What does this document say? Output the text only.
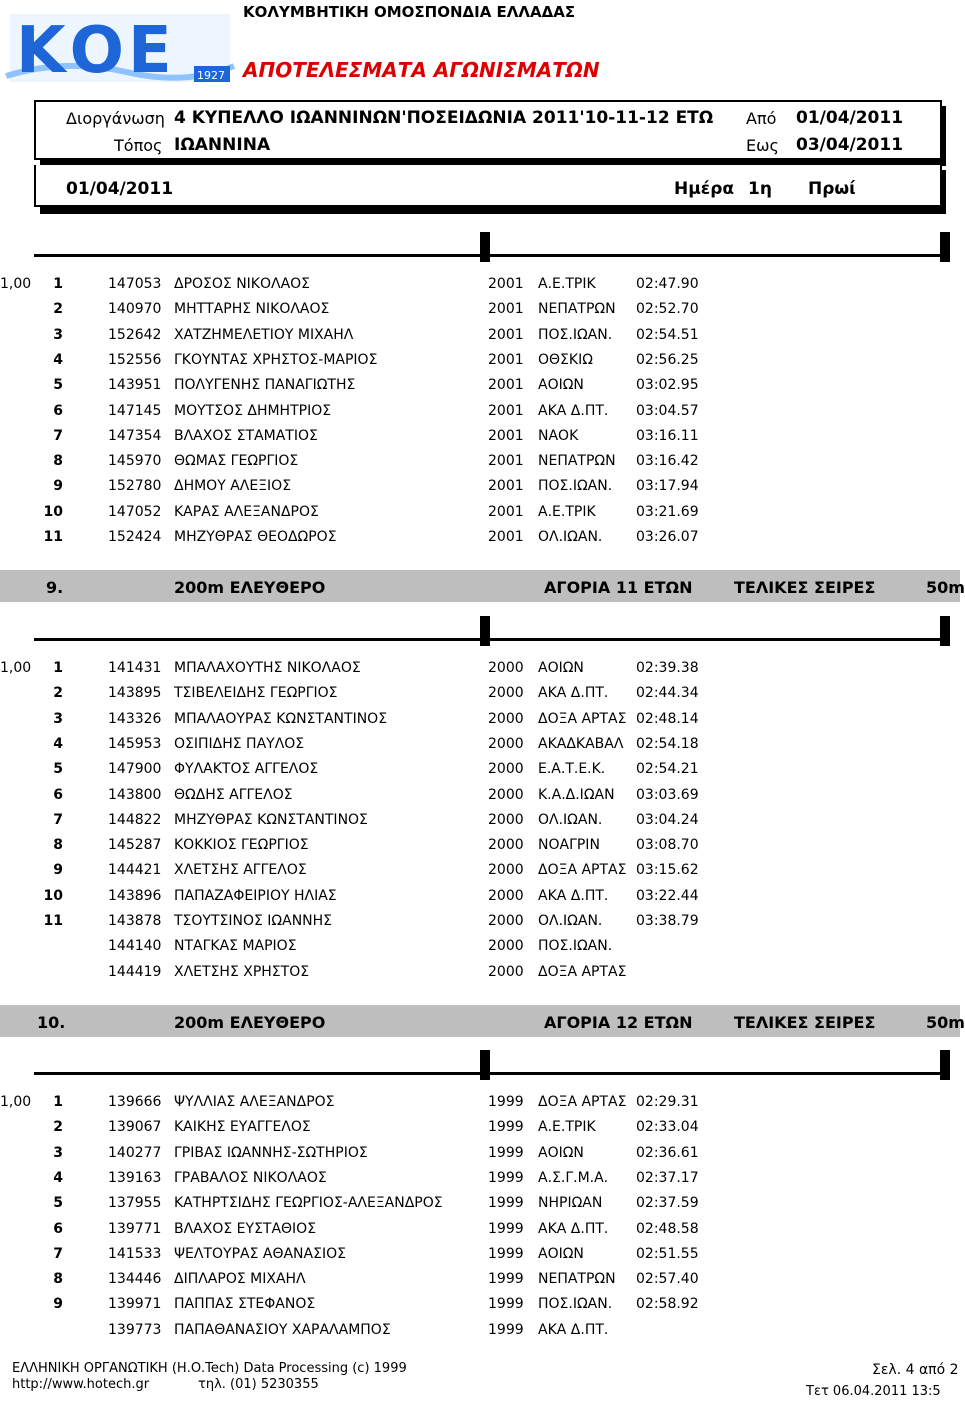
ΚΟΕ 1927
ΚΟΛΥΜΒΗΤΙΚΗ ΟΜΟΣΠΟΝΔΙΑ ΕΛΛΑΔΑΣ
ΑΠΟΤΕΛΕΣΜΑΤΑ ΑΓΩΝΙΣΜΑΤΩΝ
Διοργάνωση 4 ΚΥΠΕΛΛΟ ΙΩΑΝΝΙΝΩΝ'ΠΟΣΕΙΔΩΝΙΑ 2011'10-11-12 ΕΤΩ Από 01/04/2011
Τόπος ΙΩΑΝΝΙΝΑ	Εως 03/04/2011
01/04/2011	Ημέρα 1η Πρωί
1	147053 ΔΡΟΣΟΣ ΝΙΚΟΛΑΟΣ	2001 Α.Ε.ΤΡΙΚ	02:47.90
1,00
2	140970 ΜΗΤΤΑΡΗΣ ΝΙΚΟΛΑΟΣ	2001 ΝΕΠΑΤΡΩΝ 02:52.70
3	152642 ΧΑΤΖΗΜΕΛΕΤΙΟΥ ΜΙΧΑΗΛ	2001 ΠΟΣ.ΙΩΑΝ. 02:54.51
4	152556 ΓΚΟΥΝΤΑΣ ΧΡΗΣΤΟΣ-ΜΑΡΙΟΣ	2001 ΟΘΣΚΙΩ	02:56.25
5	143951 ΠΟΛΥΓΕΝΗΣ ΠΑΝΑΓΙΩΤΗΣ	2001 ΑΟΙΩΝ	03:02.95
6	147145 ΜΟΥΤΣΟΣ ΔΗΜΗΤΡΙΟΣ	2001 ΑΚΑ Δ.ΠΤ. 03:04.57
7	147354 ΒΛΑΧΟΣ ΣΤΑΜΑΤΙΟΣ	2001 ΝΑΟΚ	03:16.11
8	145970 ΘΩΜΑΣ ΓΕΩΡΓΙΟΣ	2001 ΝΕΠΑΤΡΩΝ 03:16.42
9	152780 ΔΗΜΟΥ ΑΛΕΞΙΟΣ	2001 ΠΟΣ.ΙΩΑΝ. 03:17.94
10	147052 ΚΑΡΑΣ ΑΛΕΞΑΝΔΡΟΣ	2001 Α.Ε.ΤΡΙΚ	03:21.69
11	152424 ΜΗΖΥΘΡΑΣ ΘΕΟΔΩΡΟΣ	2001 ΟΛ.ΙΩΑΝ. 03:26.07
9.	200m ΕΛΕΥΘΕΡΟ	ΑΓΟΡΙΑ 11 ΕΤΩΝ	ΤΕΛΙΚΕΣ ΣΕΙΡΕΣ	50m
1	141431 ΜΠΑΛΑΧΟΥΤΗΣ ΝΙΚΟΛΑΟΣ	2000 ΑΟΙΩΝ	02:39.38
1,00
2	143895 ΤΣΙΒΕΛΕΙΔΗΣ ΓΕΩΡΓΙΟΣ	2000 ΑΚΑ Δ.ΠΤ. 02:44.34
3	143326 ΜΠΑΛΑΟΥΡΑΣ ΚΩΝΣΤΑΝΤΙΝΟΣ	2000 ΔΟΞΑ ΑΡΤΑΣ 02:48.14
4	145953 ΟΣΙΠΙΔΗΣ ΠΑΥΛΟΣ	2000 ΑΚΑΔΚΑΒΑΛ 02:54.18
5	147900 ΦΥΛΑΚΤΟΣ ΑΓΓΕΛΟΣ	2000 Ε.Α.Τ.Ε.Κ. 02:54.21
6	143800 ΘΩΔΗΣ ΑΓΓΕΛΟΣ	2000 Κ.Α.Δ.ΙΩΑΝ 03:03.69
7	144822 ΜΗΖΥΘΡΑΣ ΚΩΝΣΤΑΝΤΙΝΟΣ	2000 ΟΛ.ΙΩΑΝ. 03:04.24
8	145287 ΚΟΚΚΙΟΣ ΓΕΩΡΓΙΟΣ	2000 ΝΟΑΓΡΙΝ	03:08.70
9	144421 ΧΛΕΤΣΗΣ ΑΓΓΕΛΟΣ	2000 ΔΟΞΑ ΑΡΤΑΣ 03:15.62
10	143896 ΠΑΠΑΖΑΦΕΙΡΙΟΥ ΗΛΙΑΣ	2000 ΑΚΑ Δ.ΠΤ. 03:22.44
11	143878 ΤΣΟΥΤΣΙΝΟΣ ΙΩΑΝΝΗΣ	2000 ΟΛ.ΙΩΑΝ. 03:38.79
144140 ΝΤΑΓΚΑΣ ΜΑΡΙΟΣ	2000 ΠΟΣ.ΙΩΑΝ.
144419 ΧΛΕΤΣΗΣ ΧΡΗΣΤΟΣ	2000 ΔΟΞΑ ΑΡΤΑΣ
10.	200m ΕΛΕΥΘΕΡΟ	ΑΓΟΡΙΑ 12 ΕΤΩΝ	ΤΕΛΙΚΕΣ ΣΕΙΡΕΣ	50m
1	139666 ΨΥΛΛΙΑΣ ΑΛΕΞΑΝΔΡΟΣ	1999 ΔΟΞΑ ΑΡΤΑΣ 02:29.31
1,00
2	139067 ΚΑΙΚΗΣ ΕΥΑΓΓΕΛΟΣ	1999 Α.Ε.ΤΡΙΚ	02:33.04
3	140277 ΓΡΙΒΑΣ ΙΩΑΝΝΗΣ-ΣΩΤΗΡΙΟΣ	1999 ΑΟΙΩΝ	02:36.61
4	139163 ΓΡΑΒΑΛΟΣ ΝΙΚΟΛΑΟΣ	1999 Α.Σ.Γ.Μ.Α. 02:37.17
5	137955 ΚΑΤΗΡΤΣΙΔΗΣ ΓΕΩΡΓΙΟΣ-ΑΛΕΞΑΝΔΡΟΣ	1999 ΝΗΡΙΩΑΝ 02:37.59
6	139771 ΒΛΑΧΟΣ ΕΥΣΤΑΘΙΟΣ	1999 ΑΚΑ Δ.ΠΤ. 02:48.58
7	141533 ΨΕΛΤΟΥΡΑΣ ΑΘΑΝΑΣΙΟΣ	1999 ΑΟΙΩΝ	02:51.55
8	134446 ΔΙΠΛΑΡΟΣ ΜΙΧΑΗΛ	1999 ΝΕΠΑΤΡΩΝ 02:57.40
9	139971 ΠΑΠΠΑΣ ΣΤΕΦΑΝΟΣ	1999 ΠΟΣ.ΙΩΑΝ. 02:58.92
139773 ΠΑΠΑΘΑΝΑΣΙΟΥ ΧΑΡΑΛΑΜΠΟΣ	1999 ΑΚΑ Δ.ΠΤ.
ΕΛΛΗΝΙΚΗ ΟΡΓΑΝΩΤΙΚΗ (Η.Ο.Tech) Data Processing (c) 1999
http://www.hotech.gr	τηλ. (01) 5230355
Σελ. 4 από 2
Τετ 06.04.2011 13:5
